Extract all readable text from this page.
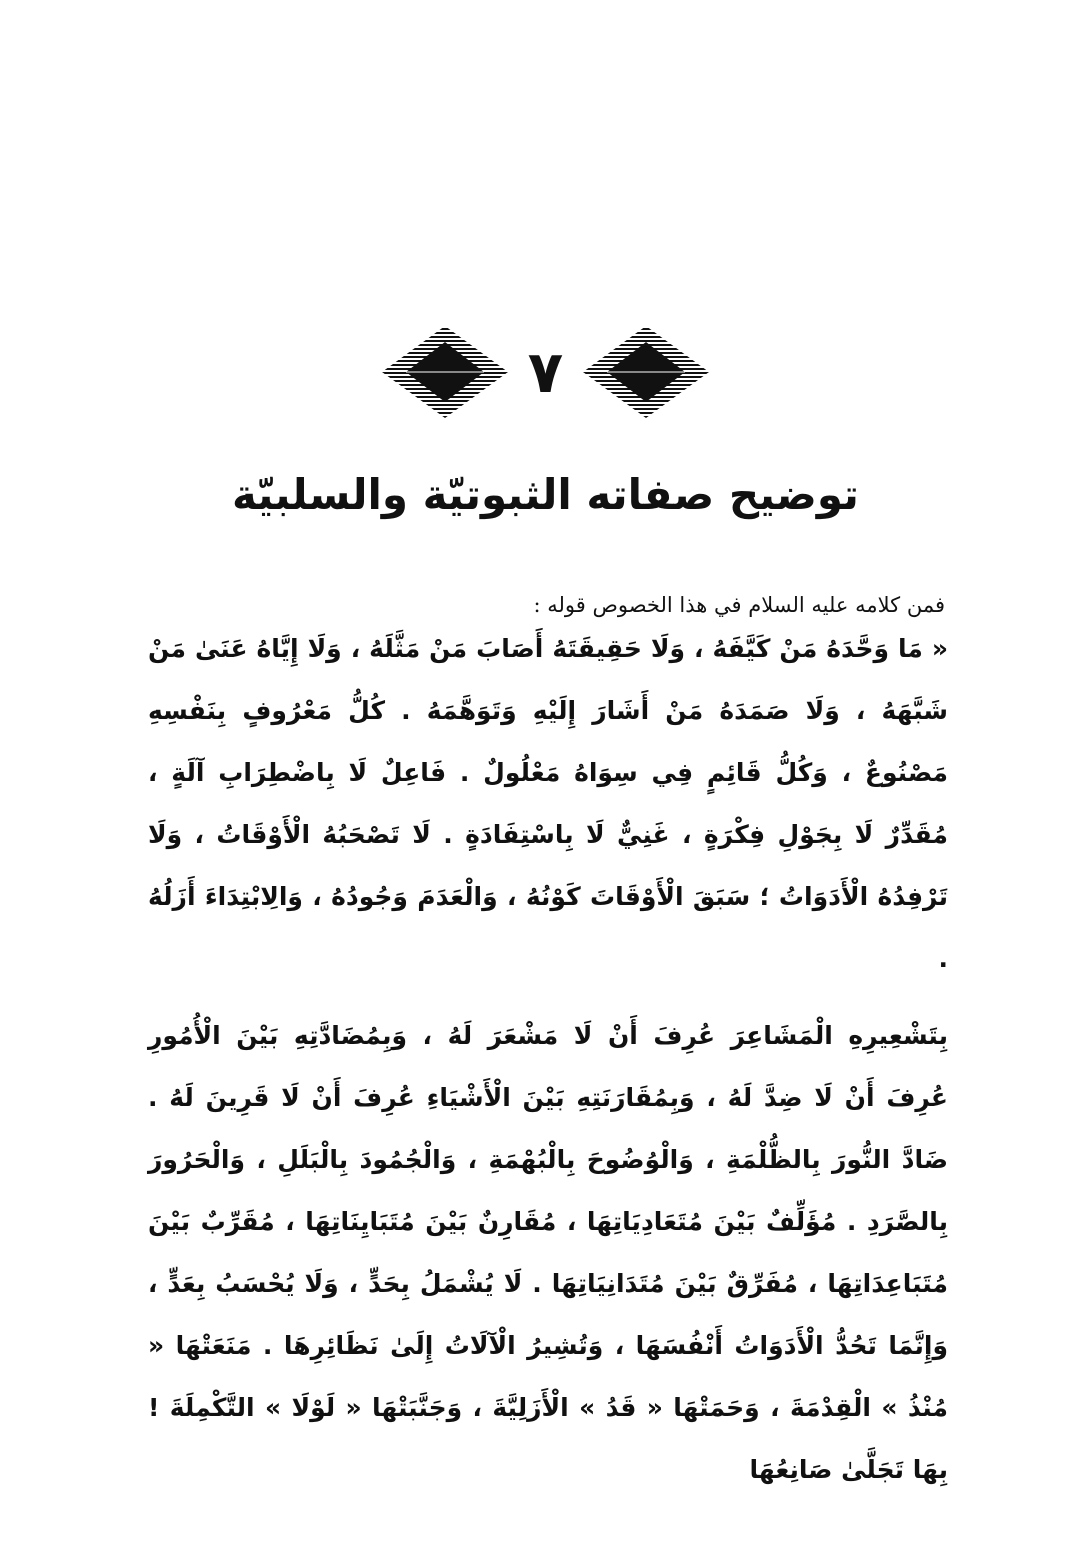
٧
توضيح صفاته الثبوتيّة والسلبيّة

فمن كلامه عليه السلام في هذا الخصوص قوله :

« مَا وَحَّدَهُ مَنْ كَيَّفَهُ ، وَلَا حَقِيقَتَهُ أَصَابَ مَنْ مَثَّلَهُ ، وَلَا إِيَّاهُ عَنَىٰ مَنْ شَبَّهَهُ ، وَلَا صَمَدَهُ مَنْ أَشَارَ إِلَيْهِ وَتَوَهَّمَهُ . كُلُّ مَعْرُوفٍ بِنَفْسِهِ مَصْنُوعٌ ، وَكُلُّ قَائِمٍ فِي سِوَاهُ مَعْلُولٌ . فَاعِلٌ لَا بِاضْطِرَابِ آلَةٍ ، مُقَدِّرٌ لَا بِجَوْلِ فِكْرَةٍ ، غَنِيٌّ لَا بِاسْتِفَادَةٍ . لَا تَصْحَبُهُ الْأَوْقَاتُ ، وَلَا تَرْفِدُهُ الْأَدَوَاتُ ؛ سَبَقَ الْأَوْقَاتَ كَوْنُهُ ، وَالْعَدَمَ وَجُودُهُ ، وَالِابْتِدَاءَ أَزَلُهُ .

بِتَشْعِيرِهِ الْمَشَاعِرَ عُرِفَ أَنْ لَا مَشْعَرَ لَهُ ، وَبِمُضَادَّتِهِ بَيْنَ الْأُمُورِ عُرِفَ أَنْ لَا ضِدَّ لَهُ ، وَبِمُقَارَنَتِهِ بَيْنَ الْأَشْيَاءِ عُرِفَ أَنْ لَا قَرِينَ لَهُ . ضَادَّ النُّورَ بِالظُّلْمَةِ ، وَالْوُضُوحَ بِالْبُهْمَةِ ، وَالْجُمُودَ بِالْبَلَلِ ، وَالْحَرُورَ بِالصَّرَدِ . مُؤَلِّفٌ بَيْنَ مُتَعَادِيَاتِهَا ، مُقَارِنٌ بَيْنَ مُتَبَايِنَاتِهَا ، مُقَرِّبٌ بَيْنَ مُتَبَاعِدَاتِهَا ، مُفَرِّقٌ بَيْنَ مُتَدَانِيَاتِهَا . لَا يُشْمَلُ بِحَدٍّ ، وَلَا يُحْسَبُ بِعَدٍّ ، وَإِنَّمَا تَحُدُّ الْأَدَوَاتُ أَنْفُسَهَا ، وَتُشِيرُ الْآلَاتُ إِلَىٰ نَظَائِرِهَا . مَنَعَتْهَا « مُنْذُ » الْقِدْمَةَ ، وَحَمَتْهَا « قَدُ » الْأَزَلِيَّةَ ، وَجَنَّبَتْهَا « لَوْلَا » التَّكْمِلَةَ ! بِهَا تَجَلَّىٰ صَانِعُهَا
